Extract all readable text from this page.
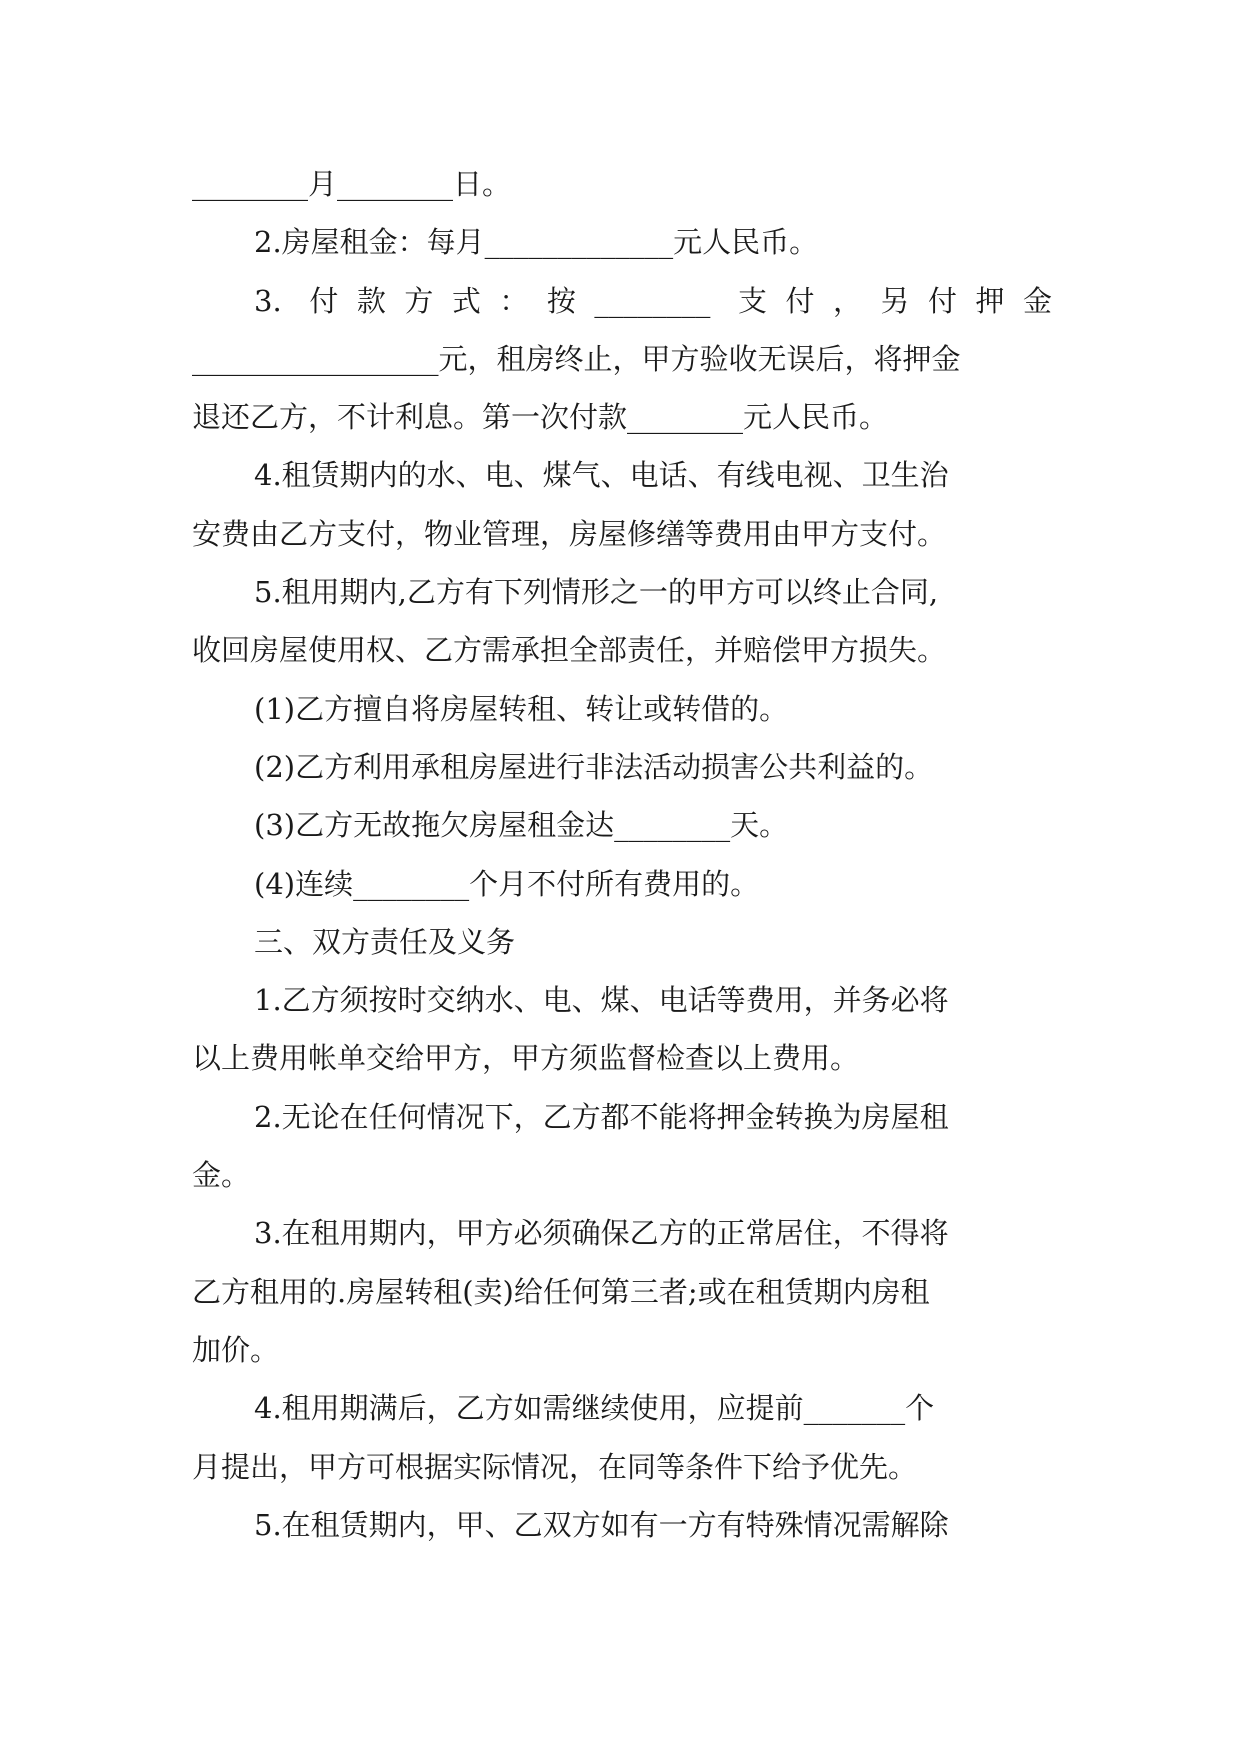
________月________日。
2.房屋租金：每月_____________元人民币。
3. 付款方式：按________ 支付，另付押金
_________________元，租房终止，甲方验收无误后，将押金
退还乙方，不计利息。第一次付款________元人民币。
4.租赁期内的水、电、煤气、电话、有线电视、卫生治
安费由乙方支付，物业管理，房屋修缮等费用由甲方支付。
5.租用期内,乙方有下列情形之一的甲方可以终止合同,
收回房屋使用权、乙方需承担全部责任，并赔偿甲方损失。
(1)乙方擅自将房屋转租、转让或转借的。
(2)乙方利用承租房屋进行非法活动损害公共利益的。
(3)乙方无故拖欠房屋租金达________天。
(4)连续________个月不付所有费用的。
三、双方责任及义务
1.乙方须按时交纳水、电、煤、电话等费用，并务必将
以上费用帐单交给甲方，甲方须监督检查以上费用。
2.无论在任何情况下，乙方都不能将押金转换为房屋租
金。
3.在租用期内，甲方必须确保乙方的正常居住，不得将
乙方租用的.房屋转租(卖)给任何第三者;或在租赁期内房租
加价。
4.租用期满后，乙方如需继续使用，应提前_______个
月提出，甲方可根据实际情况，在同等条件下给予优先。
5.在租赁期内，甲、乙双方如有一方有特殊情况需解除
